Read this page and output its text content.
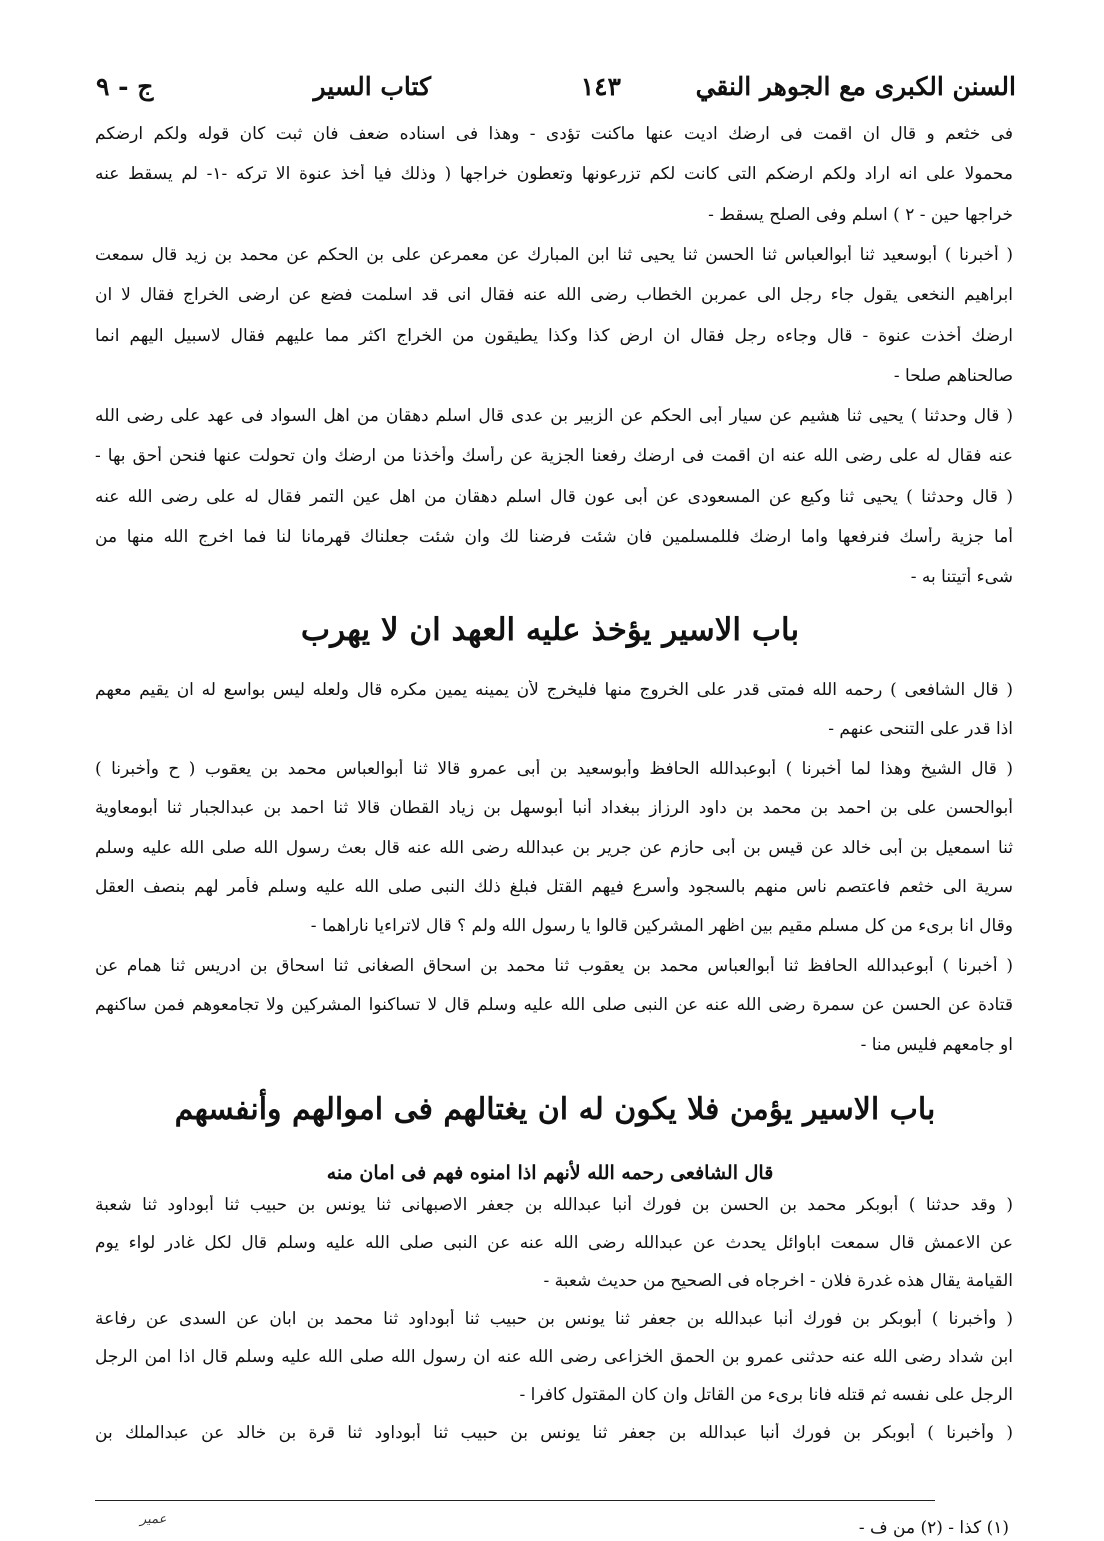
السنن الكبرى مع الجوهر النقي
١٤٣
كتاب السير
ج - ٩
فى خثعم و قال ان اقمت فى ارضك اديت عنها ماكنت تؤدى - وهذا فى اسناده ضعف فان ثبت كان قوله ولكم ارضكم
محمولا على انه اراد ولكم ارضكم التى كانت لكم تزرعونها وتعطون خراجها ( وذلك فيا أخذ عنوة الا تركه -١- لم يسقط عنه
خراجها حين - ٢ ) اسلم وفى الصلح يسقط -
( أخبرنا ) أبوسعيد ثنا أبوالعباس ثنا الحسن ثنا يحيى ثنا ابن المبارك عن معمرعن على بن الحكم عن محمد بن زيد قال سمعت
ابراهيم النخعى يقول جاء رجل الى عمربن الخطاب رضى الله عنه فقال انى قد اسلمت فضع عن ارضى الخراج فقال لا ان
ارضك أخذت عنوة - قال وجاءه رجل فقال ان ارض كذا وكذا يطيقون من الخراج اكثر مما عليهم فقال لاسبيل اليهم انما
صالحناهم صلحا -
( قال وحدثنا ) يحيى ثنا هشيم عن سيار أبى الحكم عن الزبير بن عدى قال اسلم دهقان من اهل السواد فى عهد على رضى الله
عنه فقال له على رضى الله عنه ان اقمت فى ارضك رفعنا الجزية عن رأسك وأخذنا من ارضك وان تحولت عنها فنحن أحق بها -
( قال وحدثنا ) يحيى ثنا وكيع عن المسعودى عن أبى عون قال اسلم دهقان من اهل عين التمر فقال له على رضى الله عنه
أما جزية رأسك فنرفعها واما ارضك فللمسلمين فان شئت فرضنا لك وان شئت جعلناك قهرمانا لنا فما اخرج الله منها من
شىء أتيتنا به -
باب الاسير يؤخذ عليه العهد ان لا يهرب
( قال الشافعى ) رحمه الله فمتى قدر على الخروج منها فليخرج لأن يمينه يمين مكره قال ولعله ليس بواسع له ان يقيم معهم
اذا قدر على التنحى عنهم -
( قال الشيخ وهذا لما أخبرنا ) أبوعبدالله الحافظ وأبوسعيد بن أبى عمرو قالا ثنا أبوالعباس محمد بن يعقوب ( ح وأخبرنا )
أبوالحسن على بن احمد بن محمد بن داود الرزاز ببغداد أنبا أبوسهل بن زياد القطان قالا ثنا احمد بن عبدالجبار ثنا أبومعاوية
ثنا اسمعيل بن أبى خالد عن قيس بن أبى حازم عن جرير بن عبدالله رضى الله عنه قال بعث رسول الله صلى الله عليه وسلم
سرية الى خثعم فاعتصم ناس منهم بالسجود وأسرع فيهم القتل فبلغ ذلك النبى صلى الله عليه وسلم فأمر لهم بنصف العقل
وقال انا برىء من كل مسلم مقيم بين اظهر المشركين قالوا يا رسول الله ولم ؟ قال لاتراءيا ناراهما -
( أخبرنا ) أبوعبدالله الحافظ ثنا أبوالعباس محمد بن يعقوب ثنا محمد بن اسحاق الصغانى ثنا اسحاق بن ادريس ثنا همام عن
قتادة عن الحسن عن سمرة رضى الله عنه عن النبى صلى الله عليه وسلم قال لا تساكنوا المشركين ولا تجامعوهم فمن ساكنهم
او جامعهم فليس منا -
باب الاسير يؤمن فلا يكون له ان يغتالهم فى اموالهم وأنفسهم
قال الشافعى رحمه الله لأنهم اذا امنوه فهم فى امان منه
( وقد حدثنا ) أبوبكر محمد بن الحسن بن فورك أنبا عبدالله بن جعفر الاصبهانى ثنا يونس بن حبيب ثنا أبوداود ثنا شعبة
عن الاعمش قال سمعت اباوائل يحدث عن عبدالله رضى الله عنه عن النبى صلى الله عليه وسلم قال لكل غادر لواء يوم
القيامة يقال هذه غدرة فلان - اخرجاه فى الصحيح من حديث شعبة -
( وأخبرنا ) أبوبكر بن فورك أنبا عبدالله بن جعفر ثنا يونس بن حبيب ثنا أبوداود ثنا محمد بن ابان عن السدى عن رفاعة
ابن شداد رضى الله عنه حدثنى عمرو بن الحمق الخزاعى رضى الله عنه ان رسول الله صلى الله عليه وسلم قال اذا امن الرجل
الرجل على نفسه ثم قتله فانا برىء من القاتل وان كان المقتول كافرا -
( وأخبرنا ) أبوبكر بن فورك أنبا عبدالله بن جعفر ثنا يونس بن حبيب ثنا أبوداود ثنا قرة بن خالد عن عبدالملك بن
(١) كذا - (٢) من ف -
عمير
